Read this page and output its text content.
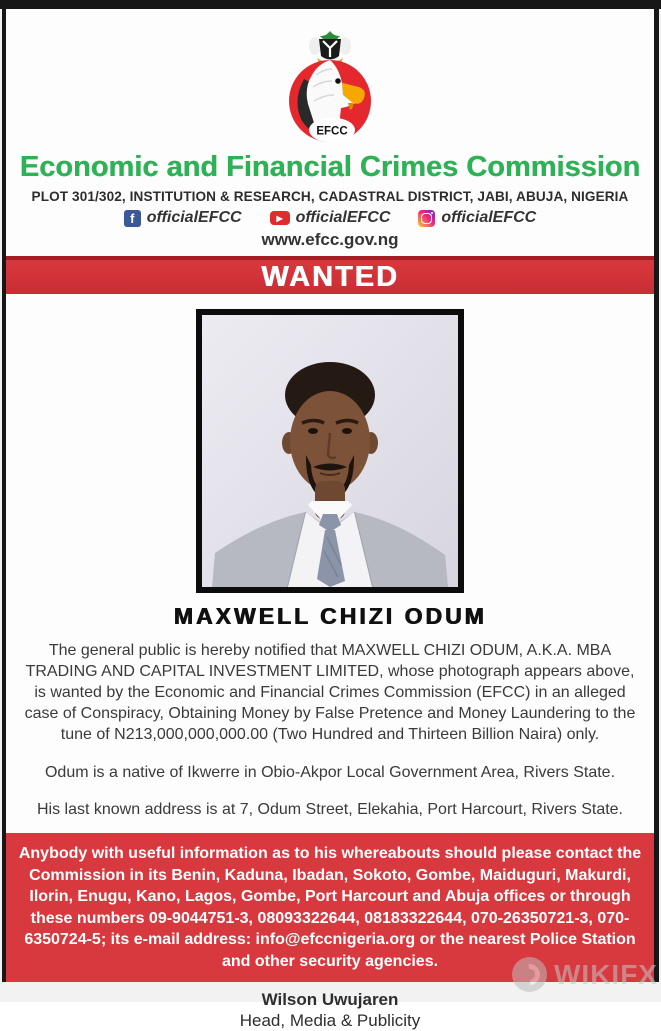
EFCC
Economic and Financial Crimes Commission
PLOT 301/302, INSTITUTION & RESEARCH, CADASTRAL DISTRICT, JABI, ABUJA, NIGERIA
f officialEFCC	▶ officialEFCC	officialEFCC
www.efcc.gov.ng
WANTED
MAXWELL CHIZI ODUM

The general public is hereby notified that MAXWELL CHIZI ODUM, A.K.A. MBA TRADING AND CAPITAL INVESTMENT LIMITED, whose photograph appears above, is wanted by the Economic and Financial Crimes Commission (EFCC) in an alleged case of Conspiracy, Obtaining Money by False Pretence and Money Laundering to the tune of N213,000,000,000.00 (Two Hundred and Thirteen Billion Naira) only.

Odum is a native of Ikwerre in Obio-Akpor Local Government Area, Rivers State.

His last known address is at 7, Odum Street, Elekahia, Port Harcourt, Rivers State.

Anybody with useful information as to his whereabouts should please contact the Commission in its Benin, Kaduna, Ibadan, Sokoto, Gombe, Maiduguri, Makurdi, Ilorin, Enugu, Kano, Lagos, Gombe, Port Harcourt and Abuja offices or through these numbers 09-9044751-3, 08093322644, 08183322644, 070-26350721-3, 070-6350724-5; its e-mail address: info@efccnigeria.org or the nearest Police Station and other security agencies.
Wilson Uwujaren
Head, Media & Publicity
WIKIFX
